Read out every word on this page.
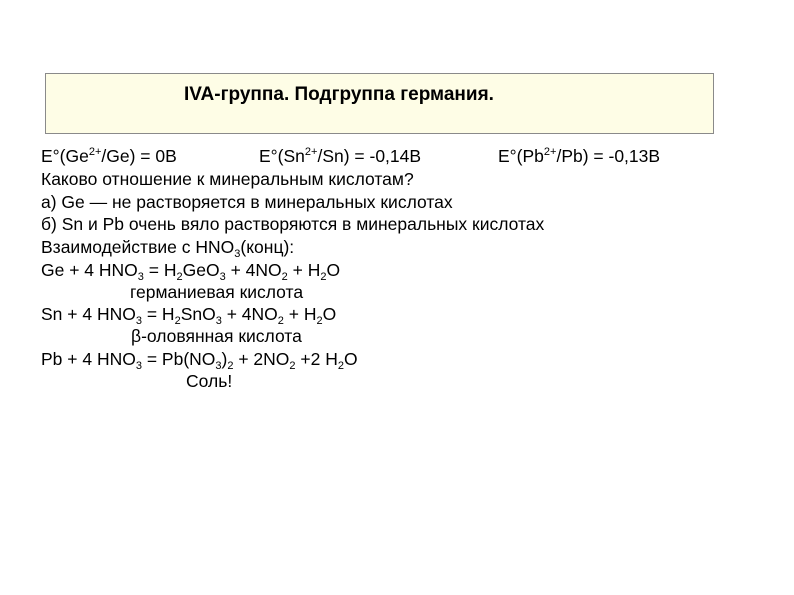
IVA-группа. Подгруппа германия.
$E^\circ(Ge^{2+}/Ge) = 0B$	$E^\circ(Sn^{2+}/Sn) = -0,14B$	$E^\circ(Pb^{2+}/Pb) = -0,13B$
Каково отношение к минеральным кислотам?
а) Ge — не растворяется в минеральных кислотах
б) Sn и Pb очень вяло растворяются в минеральных кислотах
Взаимодействие с $HNO_3(конц)$:
Ge + 4 $HNO_3 = H_2GeO_3 + 4NO_2 + H_2O$
германиевая кислота
Sn + 4 $HNO_3 = H_2SnO_3 + 4NO_2 + H_2O$
β-оловянная кислота
Pb + 4 $HNO_3 = Pb(NO_3)_2 + 2NO_2 +2$ $H_2O$
Соль!
